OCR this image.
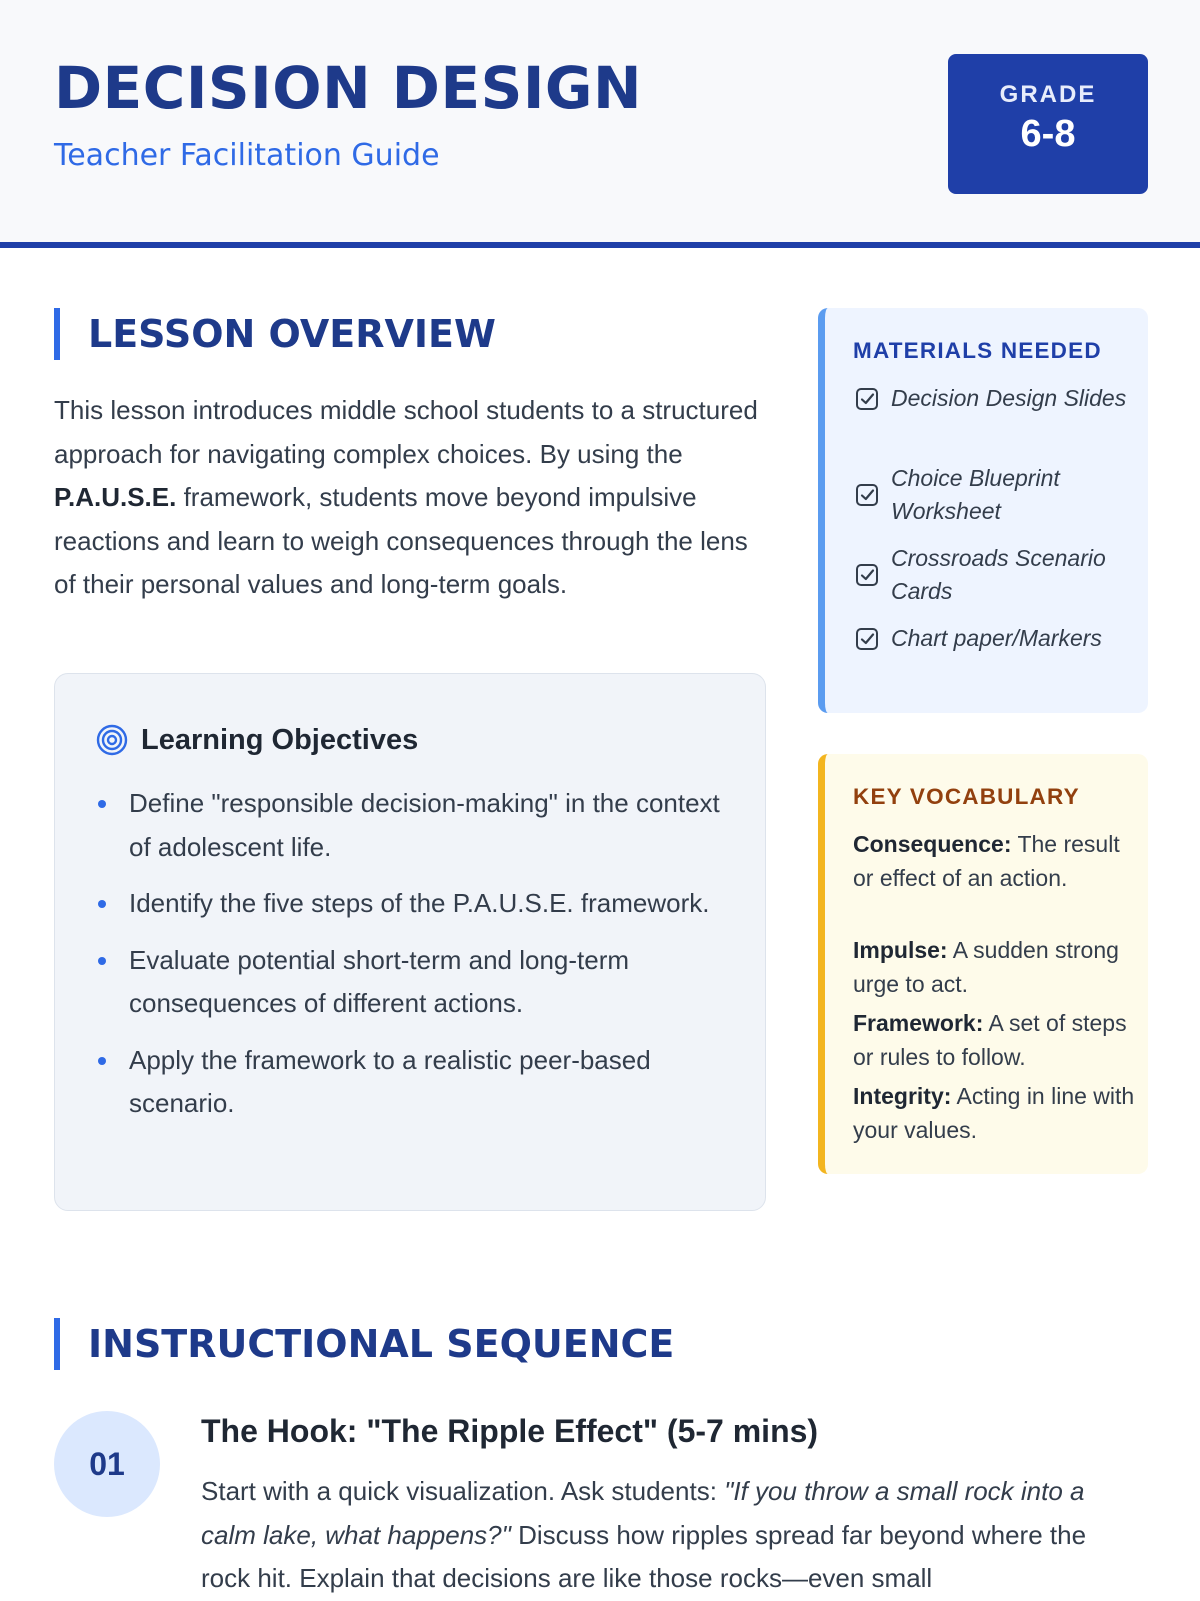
DECISION DESIGN
Teacher Facilitation Guide
GRADE
6-8
LESSON OVERVIEW

This lesson introduces middle school students to a structured approach for navigating complex choices. By using the P.A.U.S.E. framework, students move beyond impulsive reactions and learn to weigh consequences through the lens of their personal values and long-term goals.

Learning Objectives
Define "responsible decision-making" in the context of adolescent life.
Identify the five steps of the P.A.U.S.E. framework.
Evaluate potential short-term and long-term consequences of different actions.
Apply the framework to a realistic peer-based scenario.
MATERIALS NEEDED
Decision Design Slides
Choice Blueprint Worksheet
Crossroads Scenario Cards
Chart paper/Markers
KEY VOCABULARY
Consequence: The result or effect of an action.
Impulse: A sudden strong urge to act.
Framework: A set of steps or rules to follow.
Integrity: Acting in line with your values.
INSTRUCTIONAL SEQUENCE
01
The Hook: "The Ripple Effect" (5-7 mins)

Start with a quick visualization. Ask students: "If you throw a small rock into a calm lake, what happens?" Discuss how ripples spread far beyond where the rock hit. Explain that decisions are like those rocks—even small
